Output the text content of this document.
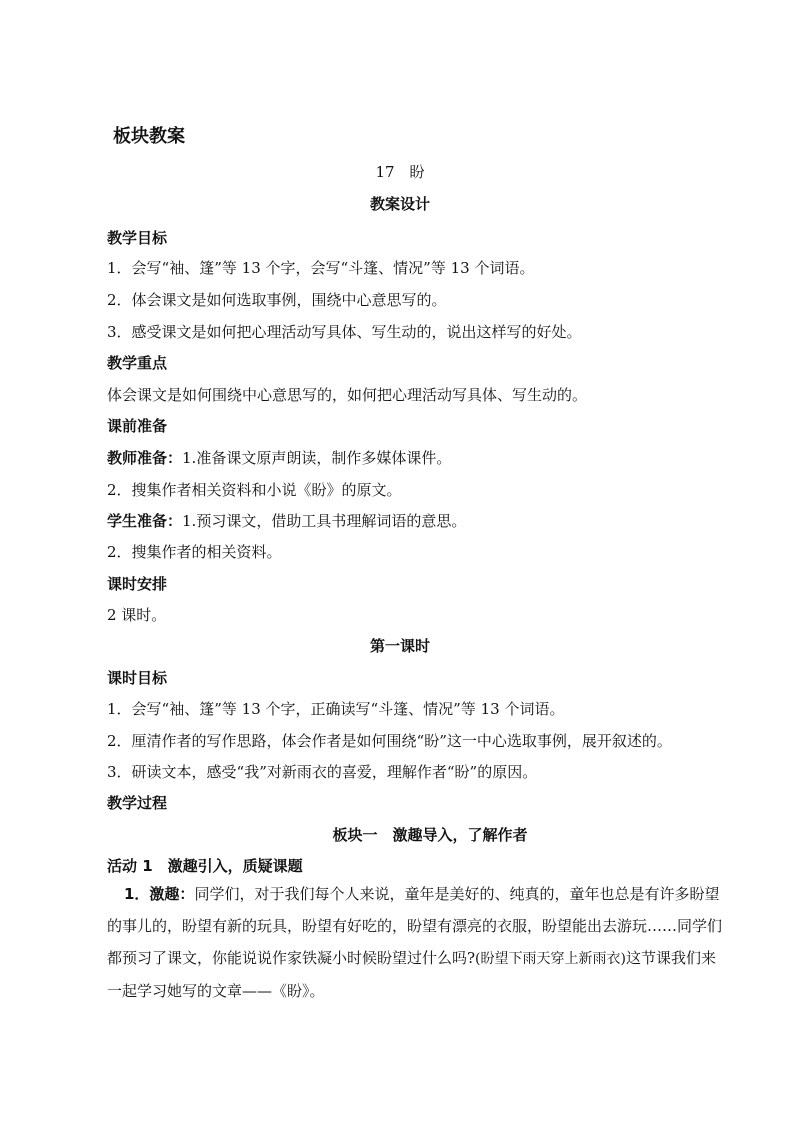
板块教案
17　盼
教案设计
教学目标
1．会写“袖、篷”等 13 个字，会写“斗篷、情况”等 13 个词语。
2．体会课文是如何选取事例，围绕中心意思写的。
3．感受课文是如何把心理活动写具体、写生动的，说出这样写的好处。
教学重点
体会课文是如何围绕中心意思写的，如何把心理活动写具体、写生动的。
课前准备
教师准备：1.准备课文原声朗读，制作多媒体课件。
2．搜集作者相关资料和小说《盼》的原文。
学生准备：1.预习课文，借助工具书理解词语的意思。
2．搜集作者的相关资料。
课时安排
2 课时。
第一课时
课时目标
1．会写“袖、篷”等 13 个字，正确读写“斗篷、情况”等 13 个词语。
2．厘清作者的写作思路，体会作者是如何围绕“盼”这一中心选取事例，展开叙述的。
3．研读文本，感受“我”对新雨衣的喜爱，理解作者“盼”的原因。
教学过程
板块一　激趣导入，了解作者
活动 1　激趣引入，质疑课题
1．激趣：同学们，对于我们每个人来说，童年是美好的、纯真的，童年也总是有许多盼望的事儿的，盼望有新的玩具，盼望有好吃的，盼望有漂亮的衣服，盼望能出去游玩……同学们都预习了课文，你能说说作家铁凝小时候盼望过什么吗?(盼望下雨天穿上新雨衣)这节课我们来一起学习她写的文章——《盼》。
